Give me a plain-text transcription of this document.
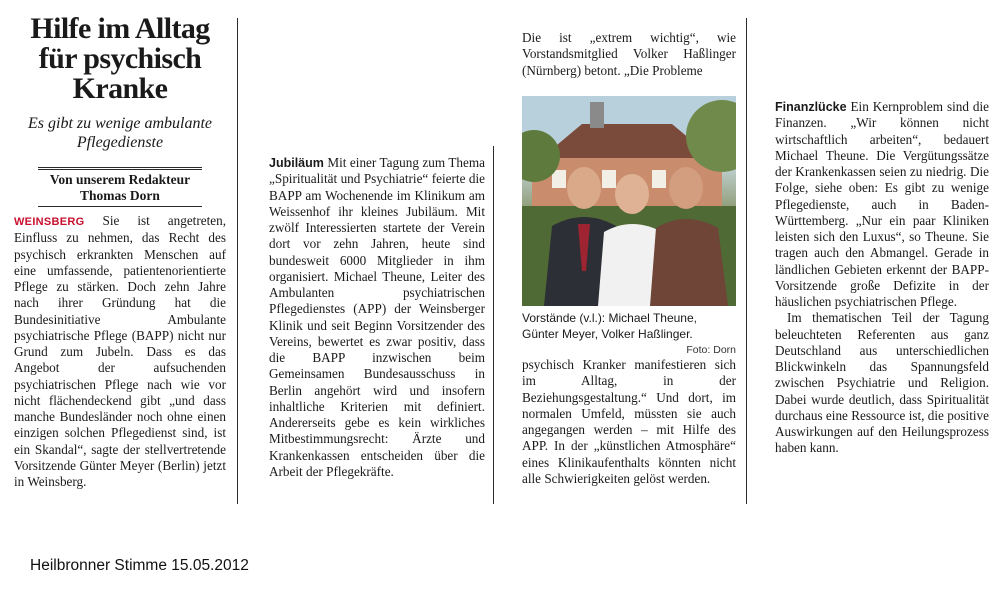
Hilfe im Alltag für psychisch Kranke
Es gibt zu wenige ambulante Pflegedienste
Von unserem Redakteur
Thomas Dorn

WEINSBERG Sie ist angetreten, Einfluss zu nehmen, das Recht des psychisch erkrankten Menschen auf eine umfassende, patientenorientierte Pflege zu stärken. Doch zehn Jahre nach ihrer Gründung hat die Bundesinitiative Ambulante psychiatrische Pflege (BAPP) nicht nur Grund zum Jubeln. Dass es das Angebot der aufsuchenden psychiatrischen Pflege nach wie vor nicht flächendeckend gibt „und dass manche Bundesländer noch ohne einen einzigen solchen Pflegedienst sind, ist ein Skandal“, sagte der stellvertretende Vorsitzende Günter Meyer (Berlin) jetzt in Weinsberg.

Jubiläum Mit einer Tagung zum Thema „Spiritualität und Psychiatrie“ feierte die BAPP am Wochenende im Klinikum am Weissenhof ihr kleines Jubiläum. Mit zwölf Interessierten startete der Verein dort vor zehn Jahren, heute sind bundesweit 6000 Mitglieder in ihm organisiert. Michael Theune, Leiter des Ambulanten psychiatrischen Pflegedienstes (APP) der Weinsberger Klinik und seit Beginn Vorsitzender des Vereins, bewertet es zwar positiv, dass die BAPP inzwischen beim Gemeinsamen Bundesausschuss in Berlin angehört wird und insofern inhaltliche Kriterien mit definiert. Andererseits gebe es kein wirkliches Mitbestimmungsrecht: Ärzte und Krankenkassen entscheiden über die Arbeit der Pflegekräfte.

Die ist „extrem wichtig“, wie Vorstandsmitglied Volker Haßlinger (Nürnberg) betont. „Die Probleme
Vorstände (v.l.): Michael Theune, Günter Meyer, Volker Haßlinger.
Foto: Dorn
psychisch Kranker manifestieren sich im Alltag, in der Beziehungsgestaltung.“ Und dort, im normalen Umfeld, müssten sie auch angegangen werden – mit Hilfe des APP. In der „künstlichen Atmosphäre“ eines Klinikaufenthalts könnten nicht alle Schwierigkeiten gelöst werden.

Finanzlücke Ein Kernproblem sind die Finanzen. „Wir können nicht wirtschaftlich arbeiten“, bedauert Michael Theune. Die Vergütungssätze der Krankenkassen seien zu niedrig. Die Folge, siehe oben: Es gibt zu wenige Pflegedienste, auch in Baden-Württemberg. „Nur ein paar Kliniken leisten sich den Luxus“, so Theune. Sie tragen auch den Abmangel. Gerade in ländlichen Gebieten erkennt der BAPP-Vorsitzende große Defizite in der häuslichen psychiatrischen Pflege.

Im thematischen Teil der Tagung beleuchteten Referenten aus ganz Deutschland aus unterschiedlichen Blickwinkeln das Spannungsfeld zwischen Psychiatrie und Religion. Dabei wurde deutlich, dass Spiritualität durchaus eine Ressource ist, die positive Auswirkungen auf den Heilungsprozess haben kann.

Heilbronner Stimme 15.05.2012
